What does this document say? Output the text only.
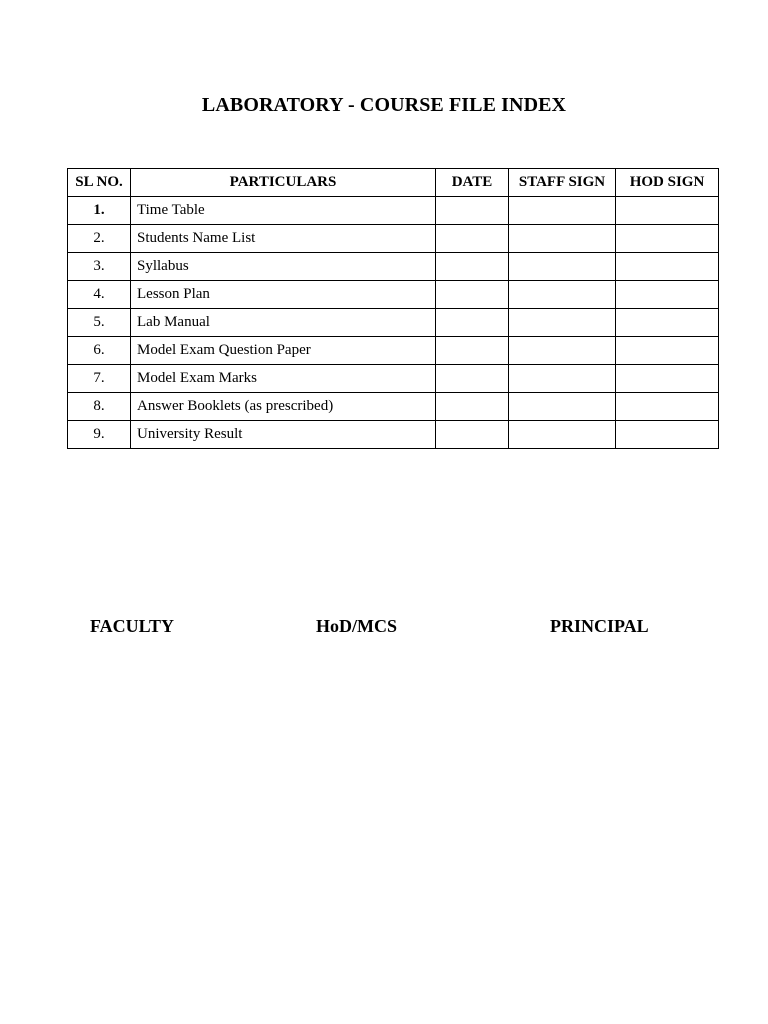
LABORATORY - COURSE FILE INDEX
SL NO.	PARTICULARS	DATE	STAFF SIGN	HOD SIGN
1.	Time Table			
2.	Students Name List			
3.	Syllabus			
4.	Lesson Plan			
5.	Lab Manual			
6.	Model Exam Question Paper			
7.	Model Exam Marks			
8.	Answer Booklets (as prescribed)			
9.	University Result			
FACULTY	HoD/MCS	PRINCIPAL
